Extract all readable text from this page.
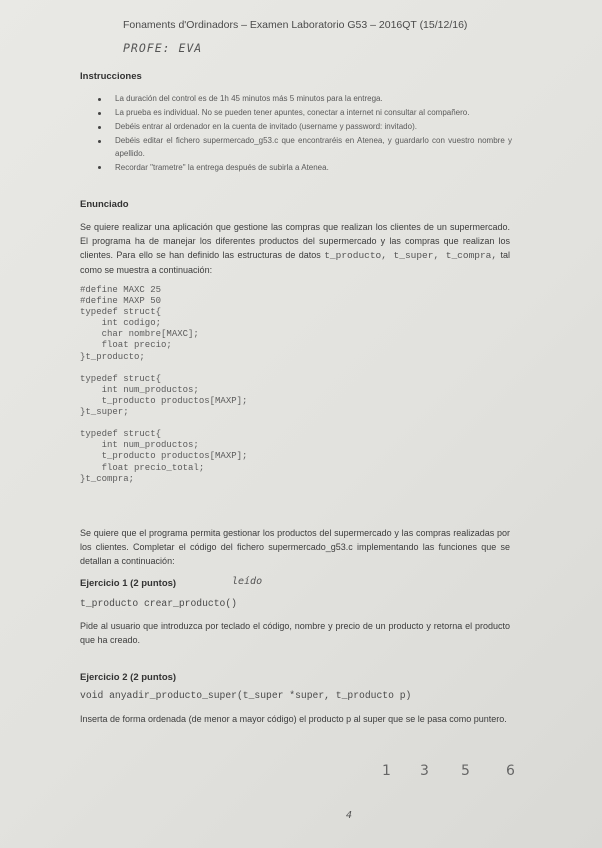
Fonaments d'Ordinadors – Examen Laboratorio G53 – 2016QT (15/12/16)
PROFE: EVA
Instrucciones
La duración del control es de 1h 45 minutos más 5 minutos para la entrega.
La prueba es individual. No se pueden tener apuntes, conectar a internet ni consultar al compañero.
Debéis entrar al ordenador en la cuenta de invitado (username y password: invitado).
Debéis editar el fichero supermercado_g53.c que encontraréis en Atenea, y guardarlo con vuestro nombre y apellido.
Recordar "trametre" la entrega después de subirla a Atenea.
Enunciado

Se quiere realizar una aplicación que gestione las compras que realizan los clientes de un supermercado. El programa ha de manejar los diferentes productos del supermercado y las compras que realizan los clientes. Para ello se han definido las estructuras de datos t_producto, t_super, t_compra, tal como se muestra a continuación:

#define MAXC 25
#define MAXP 50
typedef struct{
int codigo;
char nombre[MAXC];
float precio;
}t_producto;

typedef struct{
int num_productos;
t_producto productos[MAXP];
}t_super;

typedef struct{
int num_productos;
t_producto productos[MAXP];
float precio_total;
}t_compra;

Se quiere que el programa permita gestionar los productos del supermercado y las compras realizadas por los clientes. Completar el código del fichero supermercado_g53.c implementando las funciones que se detallan a continuación:

Ejercicio 1 (2 puntos)	leído
t_producto crear_producto()

Pide al usuario que introduzca por teclado el código, nombre y precio de un producto y retorna el producto que ha creado.

Ejercicio 2 (2 puntos)
void anyadir_producto_super(t_super *super, t_producto p)

Inserta de forma ordenada (de menor a mayor código) el producto p al super que se le pasa como puntero.

1 3 5	6
4
